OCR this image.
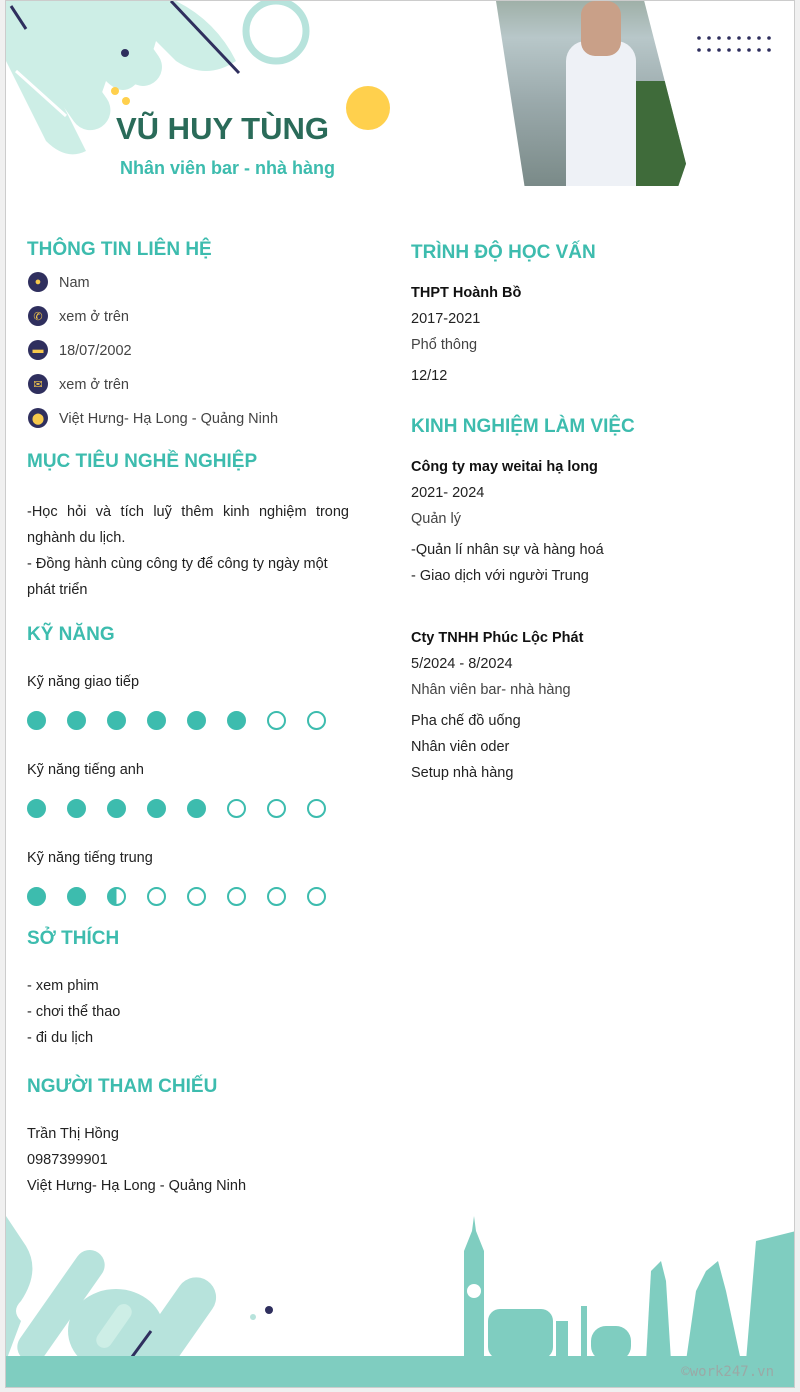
VŨ HUY TÙNG
Nhân viên bar - nhà hàng
THÔNG TIN LIÊN HỆ
●	Nam
✆	xem ở trên
▬	18/07/2002
✉	xem ở trên
⬤ Việt Hưng- Hạ Long - Quảng Ninh
MỤC TIÊU NGHỀ NGHIỆP
-Học hỏi và tích luỹ thêm kinh nghiệm trong nghành du lịch.
- Đồng hành cùng công ty để công ty ngày một phát triển
KỸ NĂNG
Kỹ năng giao tiếp
Kỹ năng tiếng anh
Kỹ năng tiếng trung
SỞ THÍCH
- xem phim
- chơi thể thao
- đi du lịch
NGƯỜI THAM CHIẾU
Trần Thị Hồng
0987399901
Việt Hưng- Hạ Long - Quảng Ninh
TRÌNH ĐỘ HỌC VẤN
THPT Hoành Bồ
2017-2021
Phổ thông
12/12
KINH NGHIỆM LÀM VIỆC
Công ty may weitai hạ long
2021- 2024
Quản lý
-Quản lí nhân sự và hàng hoá
- Giao dịch với người Trung
Cty TNHH Phúc Lộc Phát
5/2024 - 8/2024
Nhân viên bar- nhà hàng
Pha chế đồ uống
Nhân viên oder
Setup nhà hàng
©work247.vn
